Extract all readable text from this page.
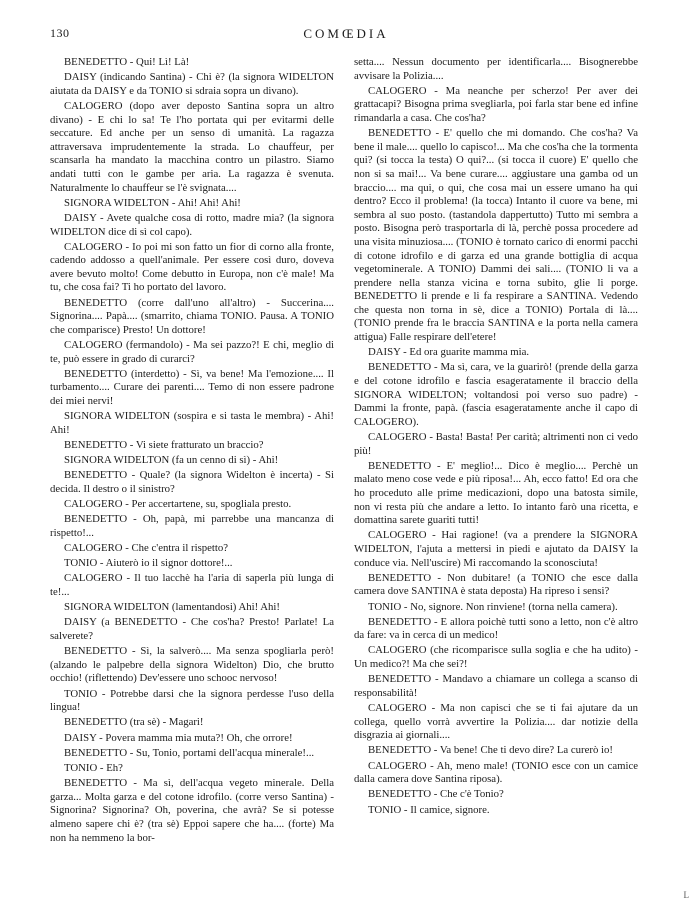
130	COMŒDIA

BENEDETTO - Qui! Lì! Là!

DAISY (indicando Santina) - Chi è? (la signora WIDELTON aiutata da DAISY e da TONIO si sdraia sopra un divano).

CALOGERO (dopo aver deposto Santina sopra un altro divano) - E chi lo sa! Te l'ho portata qui per evitarmi delle seccature. Ed anche per un senso di umanità. La ragazza attraversava imprudentemente la strada. Lo chauffeur, per scansarla ha mandato la macchina contro un pilastro. Siamo andati tutti con le gambe per aria. La ragazza è svenuta. Naturalmente lo chauffeur se l'è svignata....

SIGNORA WIDELTON - Ahi! Ahi! Ahi!

DAISY - Avete qualche cosa di rotto, madre mia? (la signora WIDELTON dice di sì col capo).

CALOGERO - Io poi mi son fatto un fior di corno alla fronte, cadendo addosso a quell'animale. Per essere così duro, doveva avere bevuto molto! Come debutto in Europa, non c'è male! Ma tu, che cosa fai? Ti ho portato del lavoro.

BENEDETTO (corre dall'uno all'altro) - Succerina.... Signorina.... Papà.... (smarrito, chiama TONIO. Pausa. A TONIO che comparisce) Presto! Un dottore!

CALOGERO (fermandolo) - Ma sei pazzo?! E chi, meglio di te, può essere in grado di curarci?

BENEDETTO (interdetto) - Sì, va bene! Ma l'emozione.... Il turbamento.... Curare dei parenti.... Temo di non essere padrone dei miei nervi!

SIGNORA WIDELTON (sospira e si tasta le membra) - Ahi! Ahi!

BENEDETTO - Vi siete fratturato un braccio?

SIGNORA WIDELTON (fa un cenno di sì) - Ahi!

BENEDETTO - Quale? (la signora Widelton è incerta) - Si decida. Il destro o il sinistro?

CALOGERO - Per accertartene, su, spogliala presto.

BENEDETTO - Oh, papà, mi parrebbe una mancanza di rispetto!...

CALOGERO - Che c'entra il rispetto?

TONIO - Aiuterò io il signor dottore!...

CALOGERO - Il tuo lacchè ha l'aria di saperla più lunga di te!...

SIGNORA WIDELTON (lamentandosi) Ahi! Ahi!

DAISY (a BENEDETTO - Che cos'ha? Presto! Parlate! La salverete?

BENEDETTO - Sì, la salverò.... Ma senza spogliarla però! (alzando le palpebre della signora Widelton) Dio, che brutto occhio! (riflettendo) Dev'essere uno schooc nervoso!

TONIO - Potrebbe darsi che la signora perdesse l'uso della lingua!

BENEDETTO (tra sè) - Magari!

DAISY - Povera mamma mia muta?! Oh, che orrore!

BENEDETTO - Su, Tonio, portami dell'acqua minerale!...

TONIO - Eh?

BENEDETTO - Ma sì, dell'acqua vegeto minerale. Della garza... Molta garza e del cotone idrofilo. (corre verso Santina) - Signorina? Signorina? Oh, poverina, che avrà? Se si potesse almeno sapere chi è? (tra sè) Eppoi sapere che ha.... (forte) Ma non ha nemmeno la bor-

setta.... Nessun documento per identificarla.... Bisognerebbe avvisare la Polizia....

CALOGERO - Ma neanche per scherzo! Per aver dei grattacapi? Bisogna prima svegliarla, poi farla star bene ed infine rimandarla a casa. Che cos'ha?

BENEDETTO - E' quello che mi domando. Che cos'ha? Va bene il male.... quello lo capisco!... Ma che cos'ha che la tormenta qui? (si tocca la testa) O qui?... (si tocca il cuore) E' quello che non si sa mai!... Va bene curare.... aggiustare una gamba od un braccio.... ma qui, o qui, che cosa mai un essere umano ha qui dentro? Ecco il problema! (la tocca) Intanto il cuore va bene, mi sembra al suo posto. (tastandola dappertutto) Tutto mi sembra a posto. Bisogna però trasportarla di là, perchè possa procedere ad una visita minuziosa.... (TONIO è tornato carico di enormi pacchi di cotone idrofilo e di garza ed una grande bottiglia di acqua vegetominerale. A TONIO) Dammi dei sali.... (TONIO li va a prendere nella stanza vicina e torna subito, glie li porge. BENEDETTO li prende e li fa respirare a SANTINA. Vedendo che questa non torna in sè, dice a TONIO) Portala di là.... (TONIO prende fra le braccia SANTINA e la porta nella camera attigua) Falle respirare dell'etere!

DAISY - Ed ora guarite mamma mia.

BENEDETTO - Ma sì, cara, ve la guarirò! (prende della garza e del cotone idrofilo e fascia esageratamente il braccio della SIGNORA WIDELTON; voltandosi poi verso suo padre) - Dammi la fronte, papà. (fascia esageratamente anche il capo di CALOGERO).

CALOGERO - Basta! Basta! Per carità; altrimenti non ci vedo più!

BENEDETTO - E' meglio!... Dico è meglio.... Perchè un malato meno cose vede e più riposa!... Ah, ecco fatto! Ed ora che ho proceduto alle prime medicazioni, dopo una batosta simile, non vi resta più che andare a letto. Io intanto farò una ricetta, e domattina sarete guariti tutti!

CALOGERO - Hai ragione! (va a prendere la SIGNORA WIDELTON, l'ajuta a mettersi in piedi e ajutato da DAISY la conduce via. Nell'uscire) Mi raccomando la sconosciuta!

BENEDETTO - Non dubitare! (a TONIO che esce dalla camera dove SANTINA è stata deposta) Ha ripreso i sensi?

TONIO - No, signore. Non rinviene! (torna nella camera).

BENEDETTO - E allora poichè tutti sono a letto, non c'è altro da fare: va in cerca di un medico!

CALOGERO (che ricomparisce sulla soglia e che ha udito) - Un medico?! Ma che sei?!

BENEDETTO - Mandavo a chiamare un collega a scanso di responsabilità!

CALOGERO - Ma non capisci che se ti fai ajutare da un collega, quello vorrà avvertire la Polizia.... dar notizie della disgrazia ai giornali....

BENEDETTO - Va bene! Che ti devo dire? La curerò io!

CALOGERO - Ah, meno male! (TONIO esce con un camice dalla camera dove Santina riposa).

BENEDETTO - Che c'è Tonio?

TONIO - Il camice, signore.

L
